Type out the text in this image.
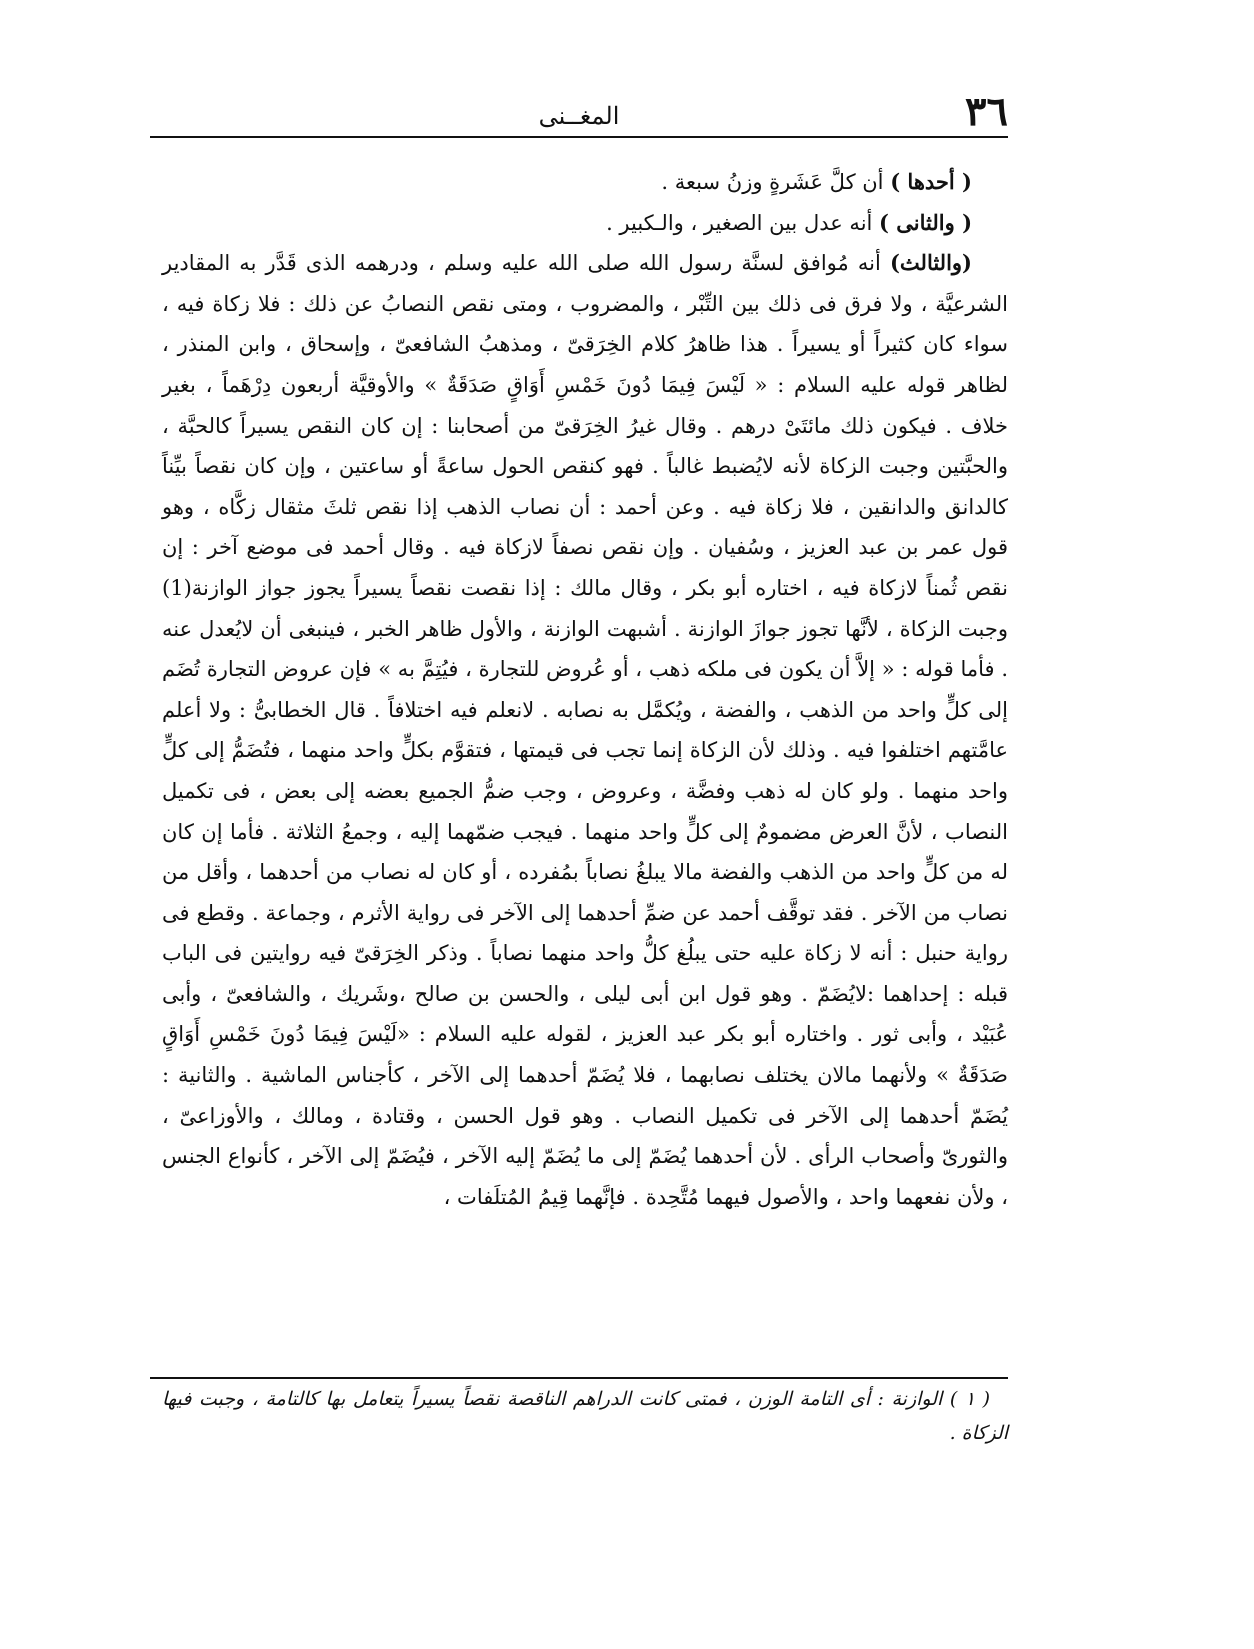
٣٦
المغــنى

( أحدها ) أن كلَّ عَشَرةٍ وزنُ سبعة .

( والثانى ) أنه عدل بين الصغير ، والـكبير .

(والثالث) أنه مُوافق لسنَّة رسول الله صلى الله عليه وسلم ، ودرهمه الذى قَدَّر به المقادير الشرعيَّة ، ولا فرق فى ذلك بين التِّبْر ، والمضروب ، ومتى نقص النصابُ عن ذلك : فلا زكاة فيه ، سواء كان كثيراً أو يسيراً . هذا ظاهرُ كلام الخِرَقىّ ، ومذهبُ الشافعىّ ، وإسحاق ، وابن المنذر ، لظاهر قوله عليه السلام : « لَيْسَ فِيمَا دُونَ خَمْسِ أَوَاقٍ صَدَقَةٌ » والأوقيَّة أربعون دِرْهَماً ، بغير خلاف . فيكون ذلك مائتَىْ درهم . وقال غيرُ الخِرَقىّ من أصحابنا : إن كان النقص يسيراً كالحبَّة ، والحبَّتين وجبت الزكاة لأنه لايُضبط غالباً . فهو كنقص الحول ساعةً أو ساعتين ، وإن كان نقصاً بيِّناً كالدانق والدانقين ، فلا زكاة فيه . وعن أحمد : أن نصاب الذهب إذا نقص ثلثَ مثقال زكَّاه ، وهو قول عمر بن عبد العزيز ، وسُفيان . وإن نقص نصفاً لازكاة فيه . وقال أحمد فى موضع آخر : إن نقص ثُمناً لازكاة فيه ، اختاره أبو بكر ، وقال مالك : إذا نقصت نقصاً يسيراً يجوز جواز الوازنة(1) وجبت الزكاة ، لأنَّها تجوز جوازَ الوازنة . أشبهت الوازنة ، والأول ظاهر الخبر ، فينبغى أن لايُعدل عنه . فأما قوله : « إلاَّ أن يكون فى ملكه ذهب ، أو عُروض للتجارة ، فيُتِمَّ به » فإن عروض التجارة تُضَم إلى كلٍّ واحد من الذهب ، والفضة ، ويُكمَّل به نصابه . لانعلم فيه اختلافاً . قال الخطابىُّ : ولا أعلم عامَّتهم اختلفوا فيه . وذلك لأن الزكاة إنما تجب فى قيمتها ، فتقوَّم بكلٍّ واحد منهما ، فتُضَمُّ إلى كلٍّ واحد منهما . ولو كان له ذهب وفضَّة ، وعروض ، وجب ضمُّ الجميع بعضه إلى بعض ، فى تكميل النصاب ، لأنَّ العرض مضمومٌ إلى كلٍّ واحد منهما . فيجب ضمّهما إليه ، وجمعُ الثلاثة . فأما إن كان له من كلٍّ واحد من الذهب والفضة مالا يبلغُ نصاباً بمُفرده ، أو كان له نصاب من أحدهما ، وأقل من نصاب من الآخر . فقد توقَّف أحمد عن ضمِّ أحدهما إلى الآخر فى رواية الأثرم ، وجماعة . وقطع فى رواية حنبل : أنه لا زكاة عليه حتى يبلُغ كلُّ واحد منهما نصاباً . وذكر الخِرَقىّ فيه روايتين فى الباب قبله : إحداهما :لايُضَمّ . وهو قول ابن أبى ليلى ، والحسن بن صالح ،وشَريك ، والشافعىّ ، وأبى عُبَيْد ، وأبى ثور . واختاره أبو بكر عبد العزيز ، لقوله عليه السلام : «لَيْسَ فِيمَا دُونَ خَمْسِ أَوَاقٍ صَدَقَةٌ » ولأنهما مالان يختلف نصابهما ، فلا يُضَمّ أحدهما إلى الآخر ، كأجناس الماشية . والثانية : يُضَمّ أحدهما إلى الآخر فى تكميل النصاب . وهو قول الحسن ، وقتادة ، ومالك ، والأوزاعىّ ، والثورىّ وأصحاب الرأى . لأن أحدهما يُضَمّ إلى ما يُضَمّ إليه الآخر ، فيُضَمّ إلى الآخر ، كأنواع الجنس ، ولأن نفعهما واحد ، والأصول فيهما مُتَّحِدة . فإنَّهما قِيمُ المُتلَفات ،

( ١ ) الوازنة : أى التامة الوزن ، فمتى كانت الدراهم الناقصة نقصاً يسيراً يتعامل بها كالتامة ، وجبت فيها الزكاة .
